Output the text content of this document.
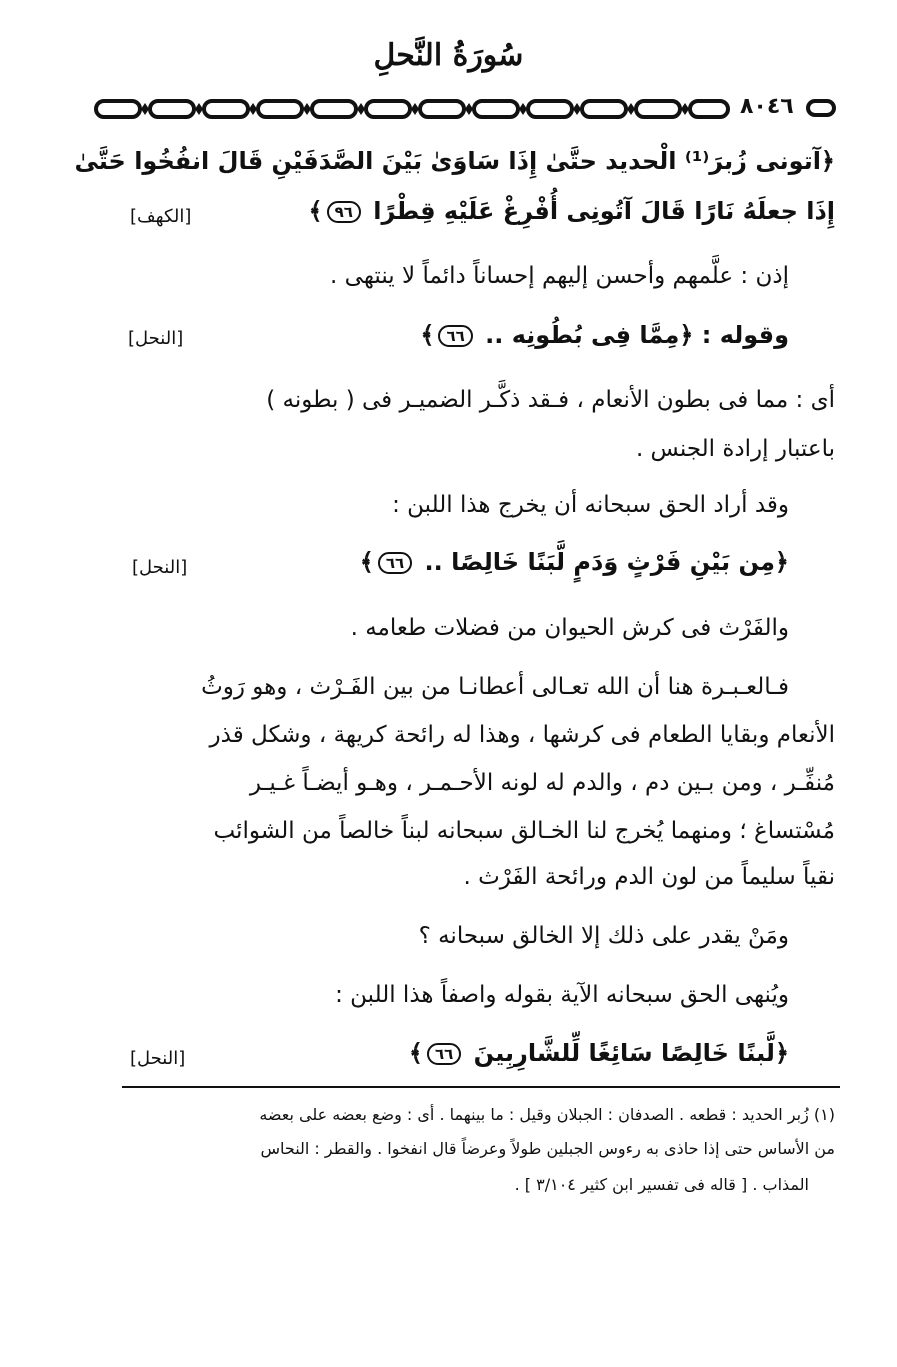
سُورَةُ النَّحلِ
٨٠٤٦
﴿آتونى زُبرَ⁽¹⁾ الْحديد حتَّىٰ إِذَا سَاوَىٰ بَيْنَ الصَّدَفَيْنِ قَالَ انفُخُوا حَتَّىٰ
إِذَا جعلَهُ نَارًا قَالَ آتُونِى أُفْرِغْ عَلَيْهِ قِطْرًا ٩٦﴾
[الكهف]
إذن : علَّمهم وأحسن إليهم إحساناً دائماً لا ينتهى .
وقوله : ﴿مِمَّا فِى بُطُونِه .. ٦٦﴾
[النحل]
أى : مما فى بطون الأنعام ، فـقد ذكَّـر الضميـر فى ( بطونه )
باعتبار إرادة الجنس .
وقد أراد الحق سبحانه أن يخرج هذا اللبن :
﴿مِن بَيْنِ فَرْثٍ وَدَمٍ لَّبَنًا خَالِصًا .. ٦٦﴾
[النحل]
والفَرْث فى كرش الحيوان من فضلات طعامه .
فـالعـبـرة هنا أن الله تعـالى أعطانـا من بين الفَـرْث ، وهو رَوثُ
الأنعام وبقايا الطعام فى كرشها ، وهذا له رائحة كريهة ، وشكل قذر
مُنفِّـر ، ومن بـين دم ، والدم له لونه الأحـمـر ، وهـو أيضـاً غـيـر
مُسْتساغ ؛ ومنهما يُخرج لنا الخـالق سبحانه لبناً خالصاً من الشوائب
نقياً سليماً من لون الدم ورائحة الفَرْث .
ومَنْ يقدر على ذلك إلا الخالق سبحانه ؟
ويُنهى الحق سبحانه الآية بقوله واصفاً هذا اللبن :
﴿لَّبنًا خَالِصًا سَائِغًا لِّلشَّارِبِينَ ٦٦﴾
[النحل]
(١) زُبر الحديد : قطعه . الصدفان : الجبلان وقيل : ما بينهما . أى : وضع بعضه على بعضه
من الأساس حتى إذا حاذى به رءوس الجبلين طولاً وعرضاً قال انفخوا . والقطر : النحاس
المذاب . [ قاله فى تفسير ابن كثير ٣/١٠٤ ] .
